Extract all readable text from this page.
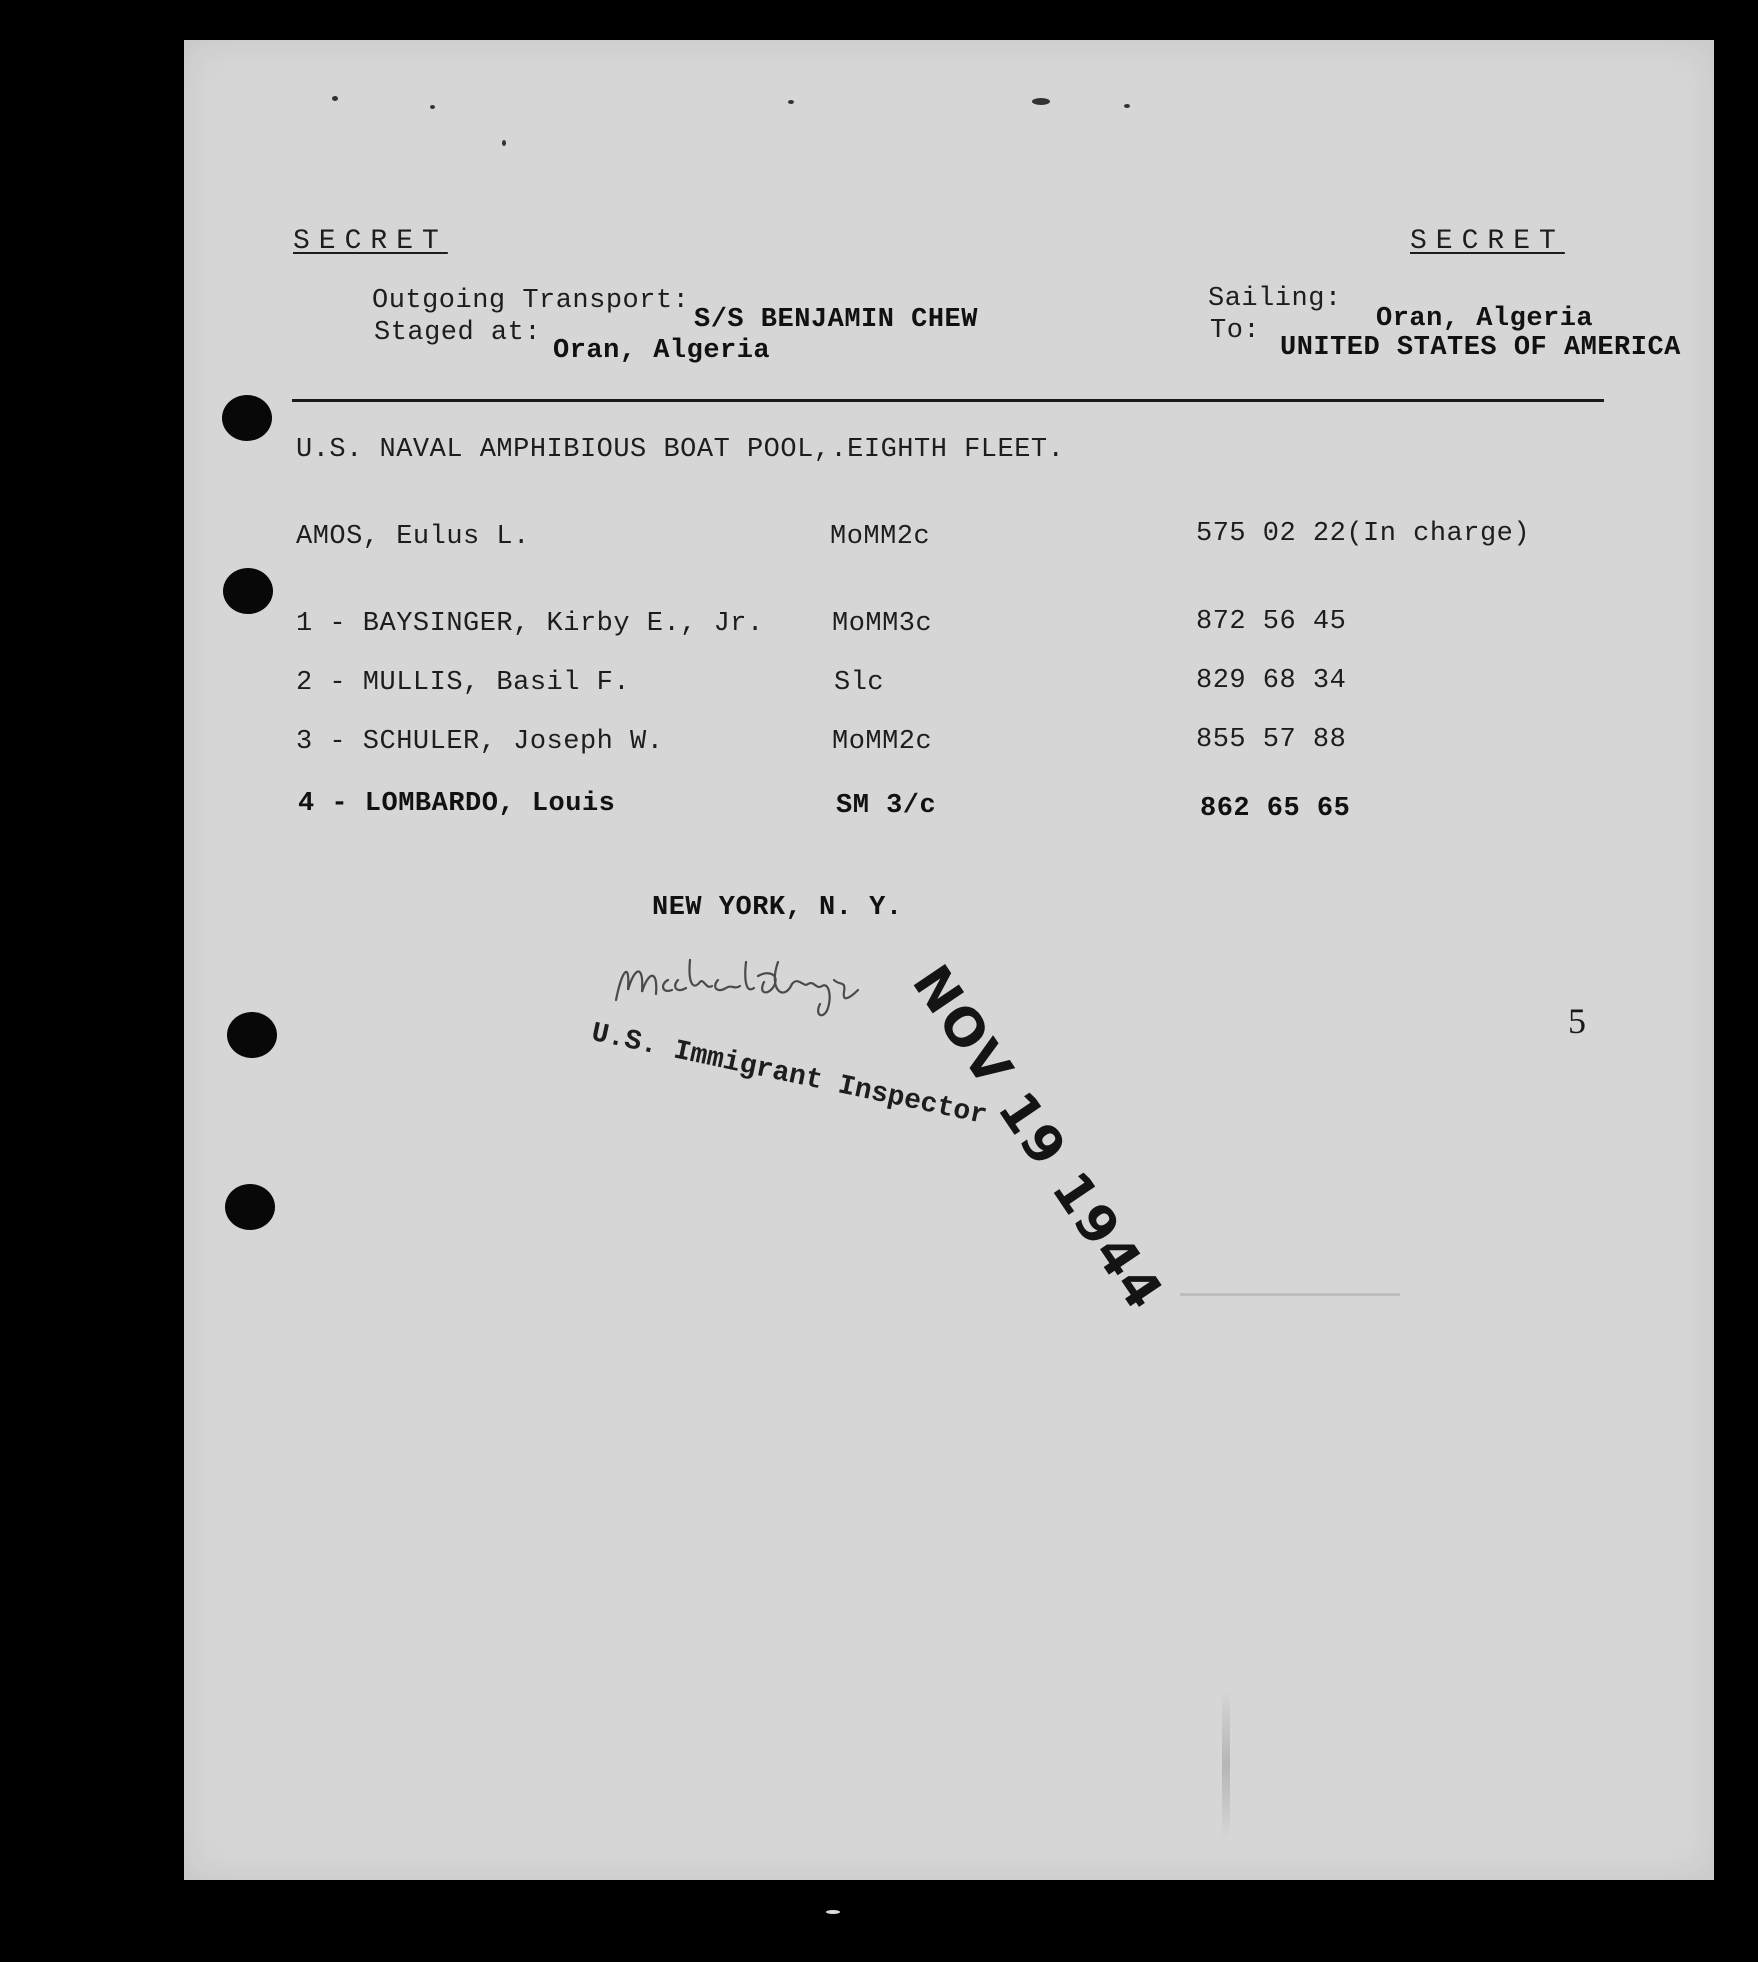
SECRET	SECRET
Outgoing Transport:
S/S BENJAMIN CHEW
Staged at:
Oran, Algeria
Sailing:
Oran, Algeria
To:
UNITED STATES OF AMERICA
U.S. NAVAL AMPHIBIOUS BOAT POOL,.EIGHTH FLEET.
AMOS, Eulus L.	MoMM2c	575 02 22(In charge)
1 - BAYSINGER, Kirby E., Jr.	MoMM3c	872 56 45
2 - MULLIS, Basil F.	Slc	829 68 34
3 - SCHULER, Joseph W.	MoMM2c	855 57 88
4 - LOMBARDO, Louis	SM 3/c	862 65 65
NEW YORK, N. Y.
U.S. Immigrant Inspector
NOV 19 1944	5
